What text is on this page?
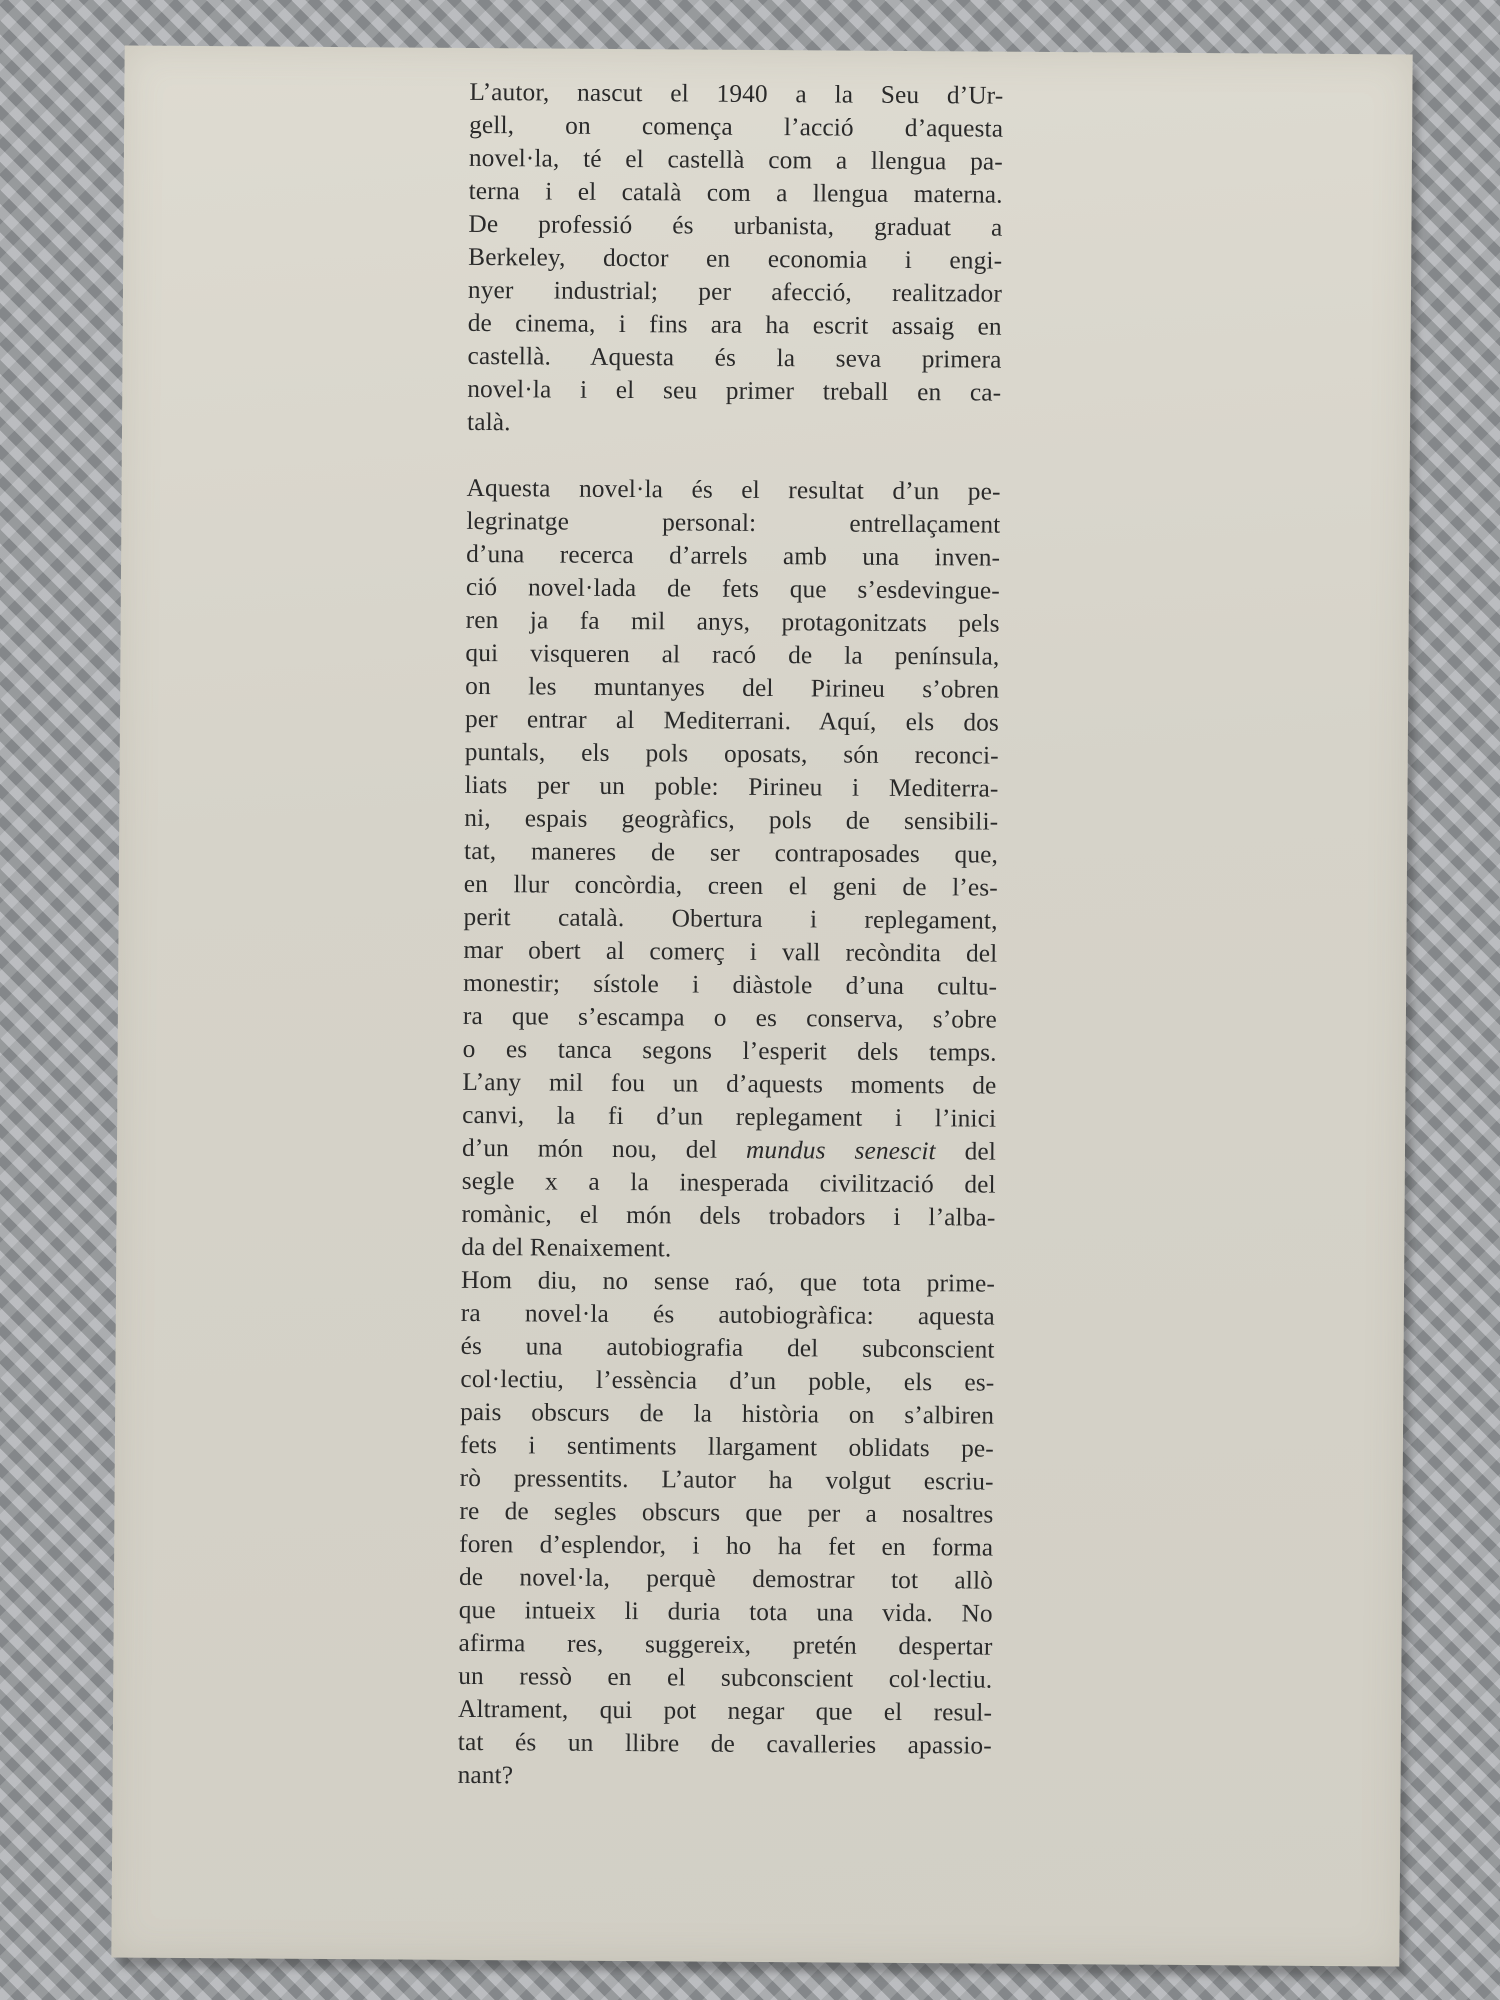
L’autor, nascut el 1940 a la Seu d’Ur-
gell, on comença l’acció d’aquesta
novel·la, té el castellà com a llengua pa-
terna i el català com a llengua materna.
De professió és urbanista, graduat a
Berkeley, doctor en economia i engi-
nyer industrial; per afecció, realitzador
de cinema, i fins ara ha escrit assaig en
castellà. Aquesta és la seva primera
novel·la i el seu primer treball en ca-
talà.
Aquesta novel·la és el resultat d’un pe-
legrinatge personal: entrellaçament
d’una recerca d’arrels amb una inven-
ció novel·lada de fets que s’esdevingue-
ren ja fa mil anys, protagonitzats pels
qui visqueren al racó de la península,
on les muntanyes del Pirineu s’obren
per entrar al Mediterrani. Aquí, els dos
puntals, els pols oposats, són reconci-
liats per un poble: Pirineu i Mediterra-
ni, espais geogràfics, pols de sensibili-
tat, maneres de ser contraposades que,
en llur concòrdia, creen el geni de l’es-
perit català. Obertura i replegament,
mar obert al comerç i vall recòndita del
monestir; sístole i diàstole d’una cultu-
ra que s’escampa o es conserva, s’obre
o es tanca segons l’esperit dels temps.
L’any mil fou un d’aquests moments de
canvi, la fi d’un replegament i l’inici
d’un món nou, del mundus senescit del
segle x a la inesperada civilització del
romànic, el món dels trobadors i l’alba-
da del Renaixement.
Hom diu, no sense raó, que tota prime-
ra novel·la és autobiogràfica: aquesta
és una autobiografia del subconscient
col·lectiu, l’essència d’un poble, els es-
pais obscurs de la història on s’albiren
fets i sentiments llargament oblidats pe-
rò pressentits. L’autor ha volgut escriu-
re de segles obscurs que per a nosaltres
foren d’esplendor, i ho ha fet en forma
de novel·la, perquè demostrar tot allò
que intueix li duria tota una vida. No
afirma res, suggereix, pretén despertar
un ressò en el subconscient col·lectiu.
Altrament, qui pot negar que el resul-
tat és un llibre de cavalleries apassio-
nant?
